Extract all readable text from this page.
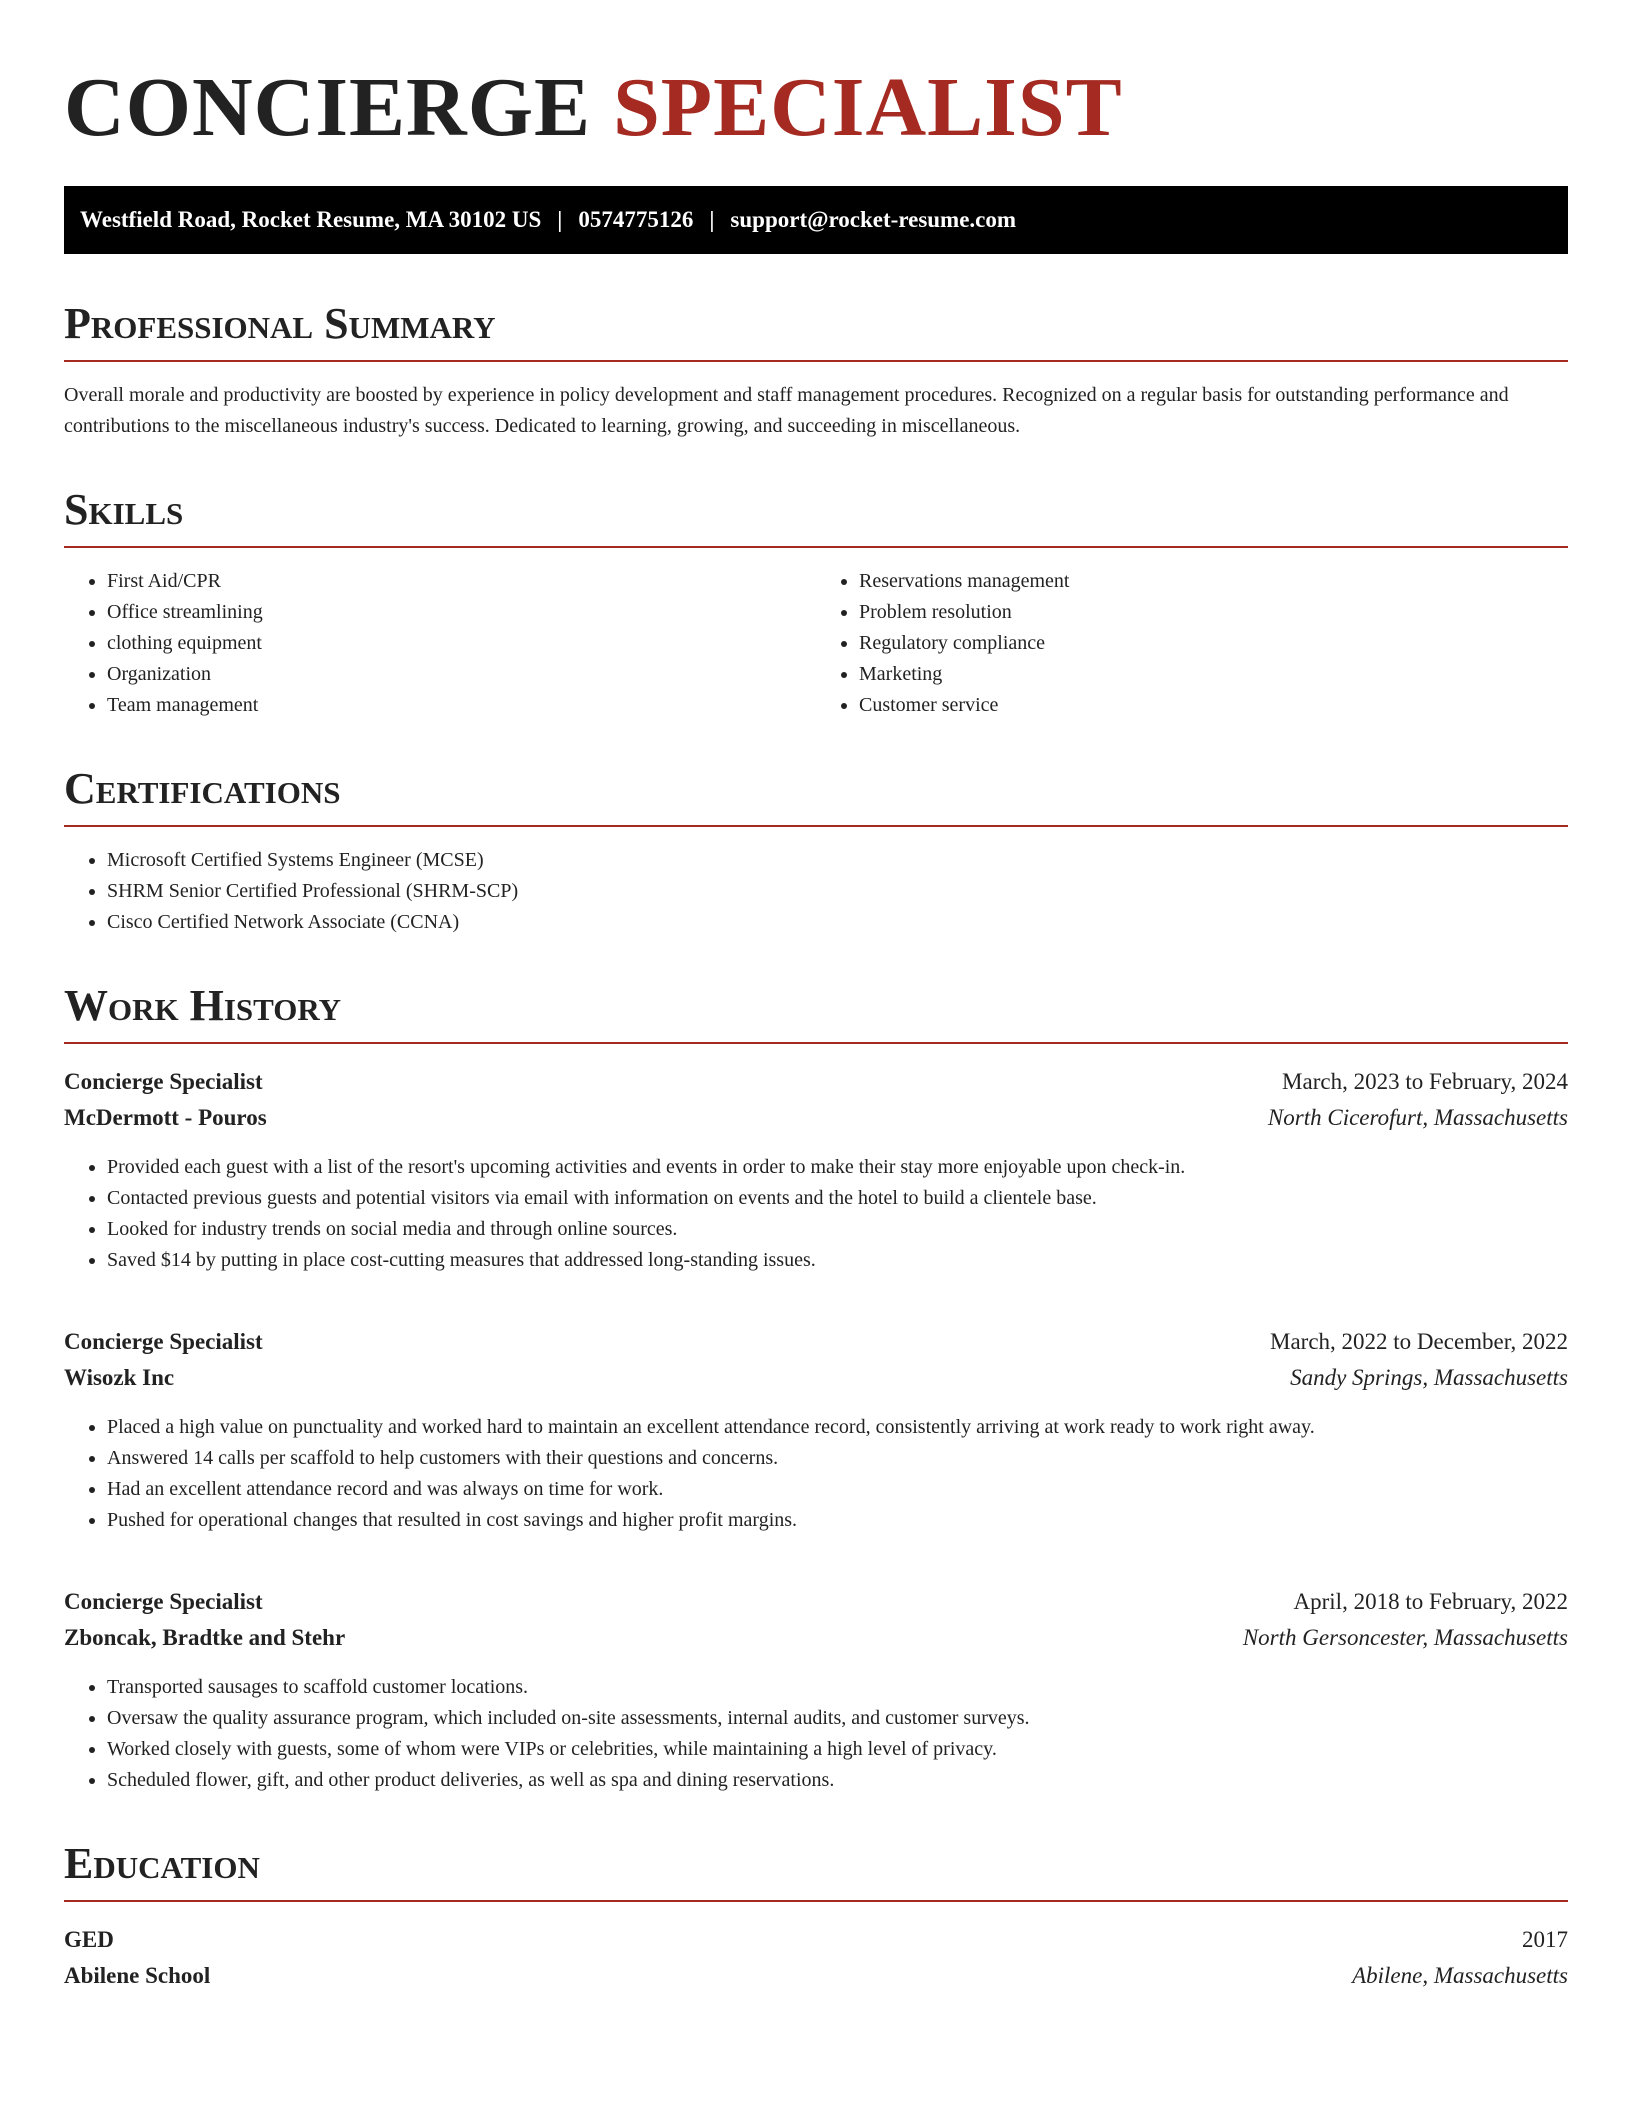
CONCIERGE SPECIALIST
Westfield Road, Rocket Resume, MA 30102 US | 0574775126 | support@rocket-resume.com
Professional Summary

Overall morale and productivity are boosted by experience in policy development and staff management procedures. Recognized on a regular basis for outstanding performance and contributions to the miscellaneous industry's success. Dedicated to learning, growing, and succeeding in miscellaneous.

Skills
• First Aid/CPR
• Office streamlining
• clothing equipment
• Organization
• Team management
• Reservations management
• Problem resolution
• Regulatory compliance
• Marketing
• Customer service
Certifications
• Microsoft Certified Systems Engineer (MCSE)
• SHRM Senior Certified Professional (SHRM-SCP)
• Cisco Certified Network Associate (CCNA)
Work History
Concierge Specialist	March, 2023 to February, 2024
McDermott - Pouros	North Cicerofurt, Massachusetts
• Provided each guest with a list of the resort's upcoming activities and events in order to make their stay more enjoyable upon check-in.
• Contacted previous guests and potential visitors via email with information on events and the hotel to build a clientele base.
• Looked for industry trends on social media and through online sources.
• Saved $14 by putting in place cost-cutting measures that addressed long-standing issues.
Concierge Specialist	March, 2022 to December, 2022
Wisozk Inc	Sandy Springs, Massachusetts
• Placed a high value on punctuality and worked hard to maintain an excellent attendance record, consistently arriving at work ready to work right away.
• Answered 14 calls per scaffold to help customers with their questions and concerns.
• Had an excellent attendance record and was always on time for work.
• Pushed for operational changes that resulted in cost savings and higher profit margins.
Concierge Specialist	April, 2018 to February, 2022
Zboncak, Bradtke and Stehr	North Gersoncester, Massachusetts
• Transported sausages to scaffold customer locations.
• Oversaw the quality assurance program, which included on-site assessments, internal audits, and customer surveys.
• Worked closely with guests, some of whom were VIPs or celebrities, while maintaining a high level of privacy.
• Scheduled flower, gift, and other product deliveries, as well as spa and dining reservations.
Education
GED	2017
Abilene School	Abilene, Massachusetts
